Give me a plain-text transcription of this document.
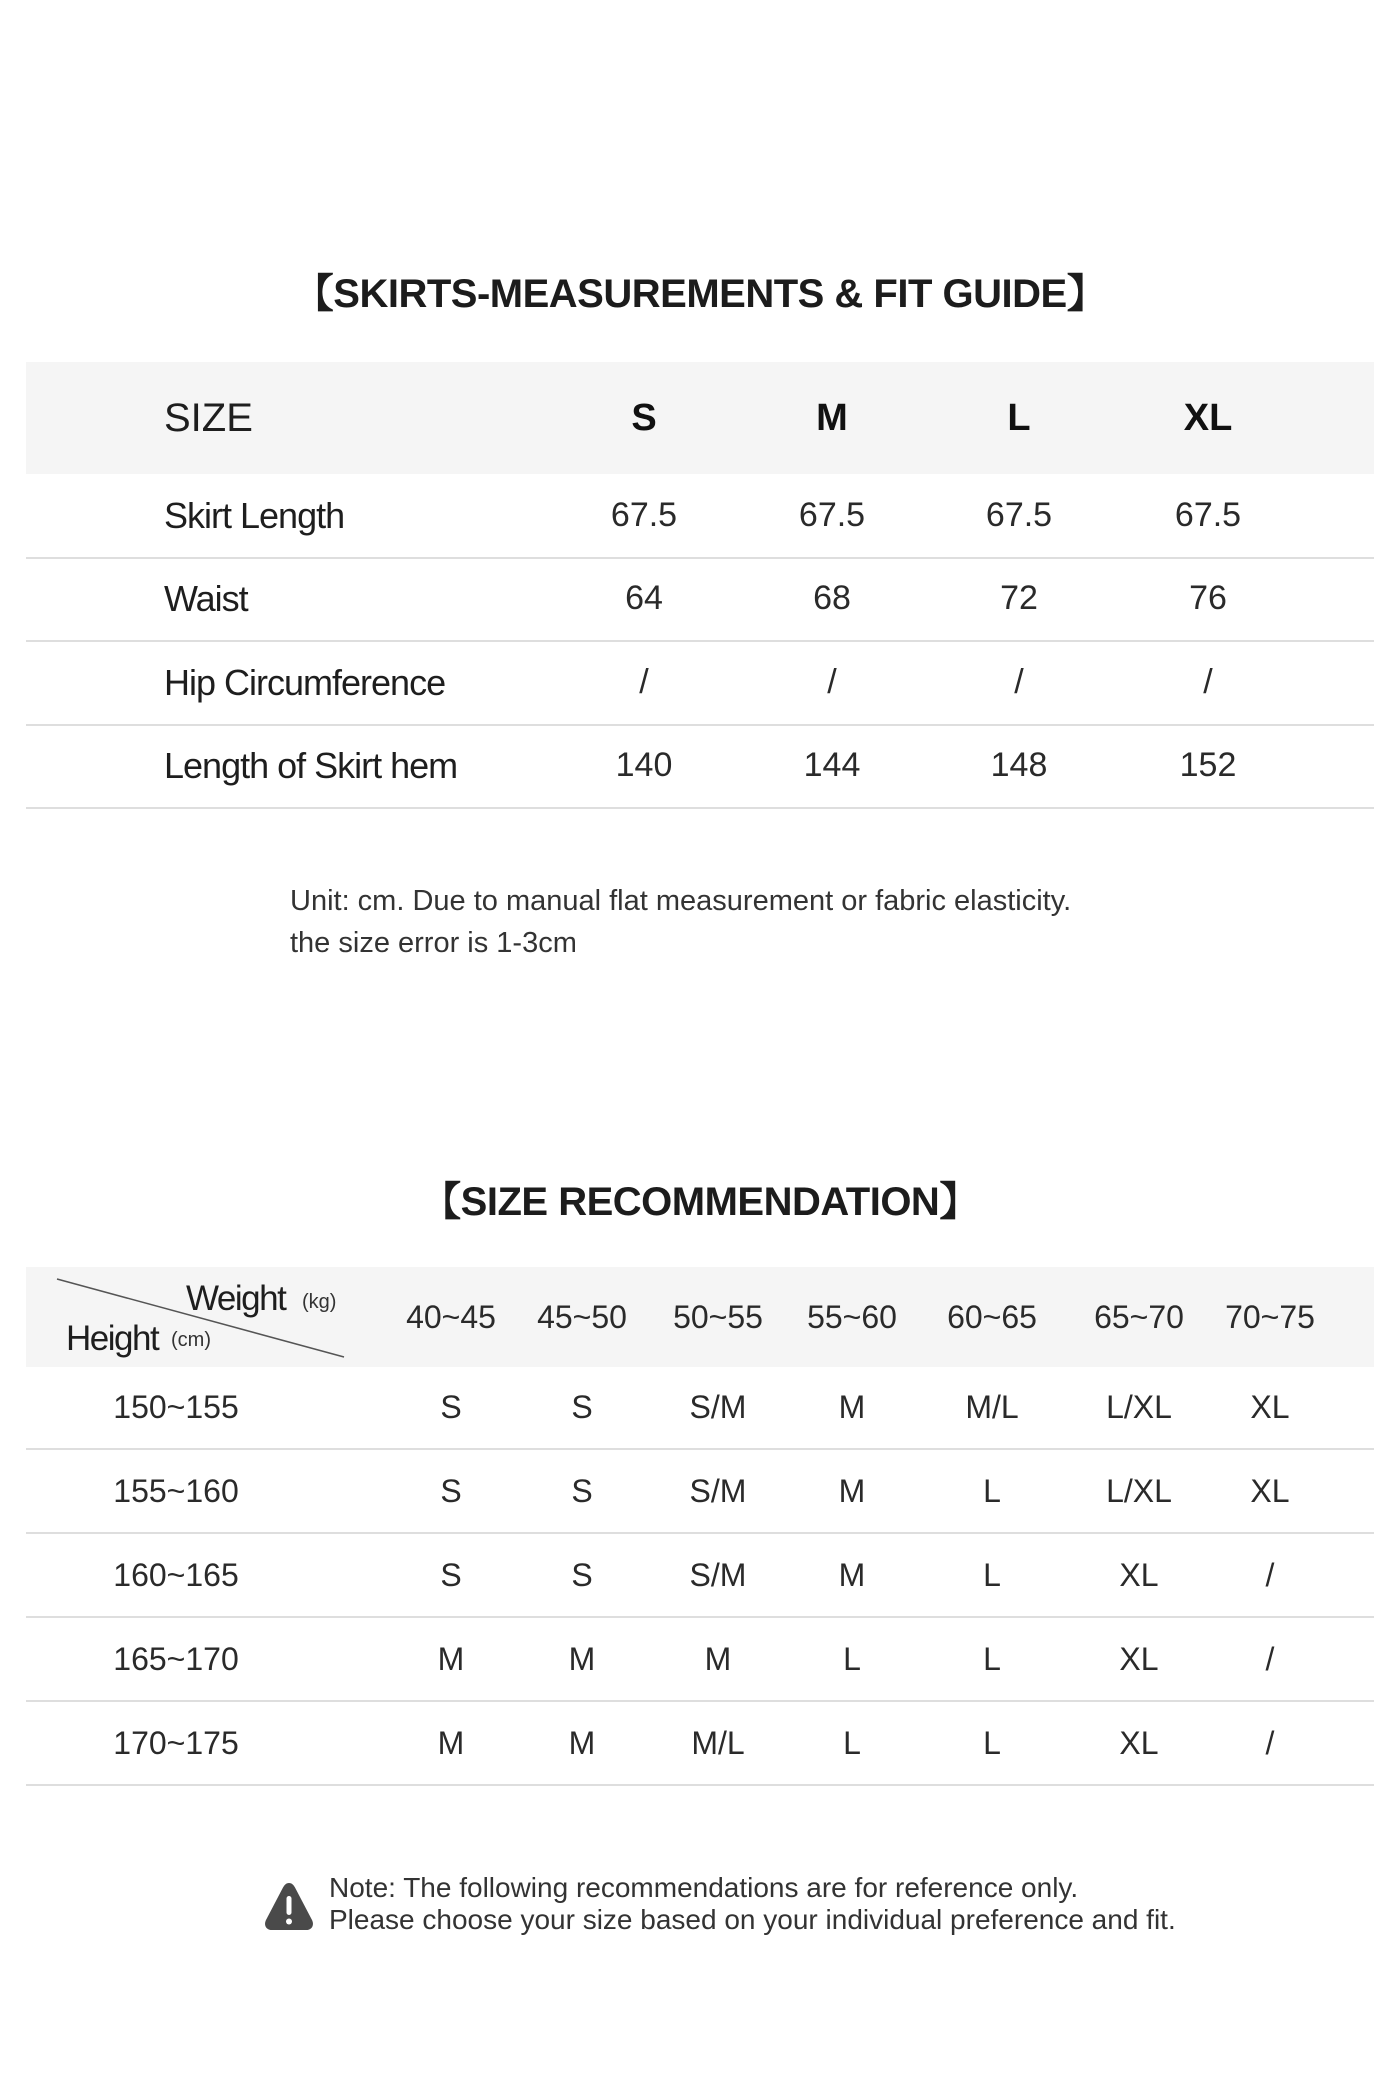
【SKIRTS-MEASUREMENTS & FIT GUIDE】
SIZE	S	M	L	XL
Skirt Length	67.5	67.5	67.5	67.5
Waist	64	68	72	76
Hip Circumference	/	/	/	/
Length of Skirt hem	140	144	148	152
Unit: cm. Due to manual flat measurement or fabric elasticity.
the size error is 1-3cm
【SIZE RECOMMENDATION】
Weight (kg)
Height (cm)
40~45	45~50	50~55	55~60	60~65	65~70	70~75
150~155	S	S	S/M	M	M/L	L/XL	XL
155~160	S	S	S/M	M	L	L/XL	XL
160~165	S	S	S/M	M	L	XL	/
165~170	M	M	M	L	L	XL	/
170~175	M	M	M/L	L	L	XL	/
Note: The following recommendations are for reference only.
Please choose your size based on your individual preference and fit.
